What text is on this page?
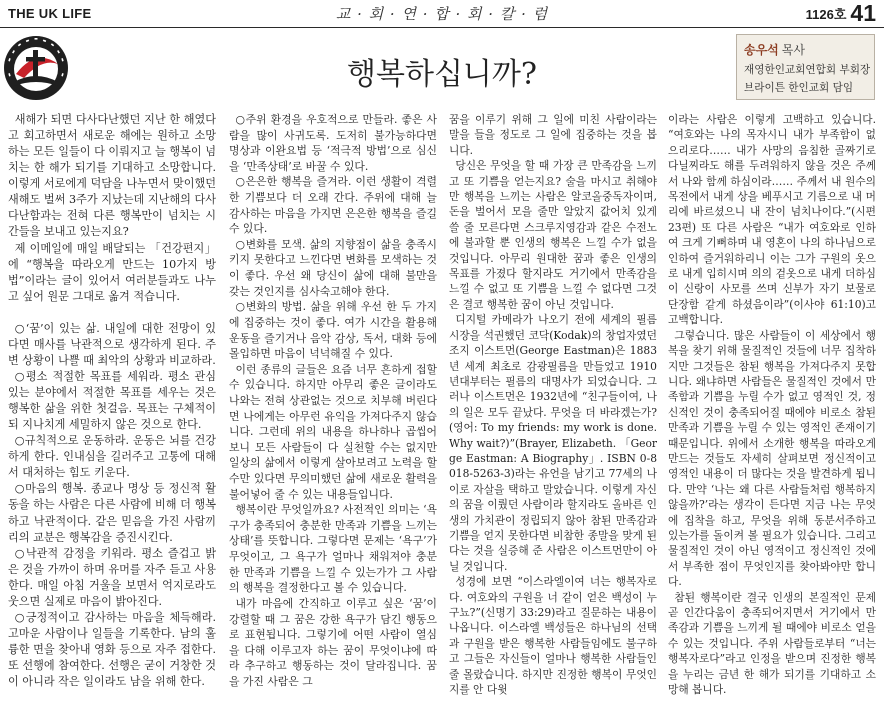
THE UK LIFE	교 · 회 · 연 · 합 · 회 · 칼 · 럼	1126호 41
행복하십니까?
송우석 목사
재영한인교회연합회 부회장
브라이튼 한인교회 담임

새해가 되면 다사다난했던 지난 한 해였다고 회고하면서 새로운 해에는 원하고 소망하는 모든 일들이 다 이뤄지고 늘 행복이 넘치는 한 해가 되기를 기대하고 소망합니다. 이렇게 서로에게 덕담을 나누면서 맞이했던 새해도 벌써 3주가 지났는데 지난해의 다사다난함과는 전혀 다른 행복만이 넘치는 시간들을 보내고 있는지요?

제 이메일에 매일 배달되는 「건강편지」에 “행복을 따라오게 만드는 10가지 방법”이라는 글이 있어서 여러분들과도 나누고 싶어 원문 그대로 옮겨 적습니다.

○‘꿈’이 있는 삶. 내일에 대한 전망이 있다면 매사를 낙관적으로 생각하게 된다. 주변 상황이 나쁠 때 최악의 상황과 비교하라.

○평소 적절한 목표를 세워라. 평소 관심 있는 분야에서 적절한 목표를 세우는 것은 행복한 삶을 위한 첫걸음. 목표는 구체적이되 지나치게 세밀하지 않은 것으로 한다.

○규칙적으로 운동하라. 운동은 뇌를 건강하게 한다. 인내심을 길러주고 고통에 대해서 대처하는 힘도 키운다.

○마음의 행복. 종교나 명상 등 정신적 활동을 하는 사람은 다른 사람에 비해 더 행복하고 낙관적이다. 같은 믿음을 가진 사람끼리의 교분은 행복감을 증진시킨다.

○낙관적 감정을 키워라. 평소 즐겁고 밝은 것을 가까이 하며 유머를 자주 듣고 사용한다. 매일 아침 거울을 보면서 억지로라도 웃으면 실제로 마음이 밝아진다.

○긍정적이고 감사하는 마음을 체득해라. 고마운 사람이나 일들을 기록한다. 남의 훌륭한 면을 찾아내 영화 등으로 자주 접한다. 또 선행에 참여한다. 선행은 굳이 거창한 것이 아니라 작은 일이라도 남을 위해 한다.

○주위 환경을 우호적으로 만들라. 좋은 사람을 많이 사귀도록. 도저히 불가능하다면 명상과 이완요법 등 ‘적극적 방법’으로 심신을 ‘만족상태’로 바꿀 수 있다.

○은은한 행복을 즐겨라. 이런 생활이 격렬한 기쁨보다 더 오래 간다. 주위에 대해 늘 감사하는 마음을 가지면 은은한 행복을 즐길 수 있다.

○변화를 모색. 삶의 지향점이 삶을 충족시키지 못한다고 느낀다면 변화를 모색하는 것이 좋다. 우선 왜 당신이 삶에 대해 불만을 갖는 것인지를 심사숙고해야 한다.

○변화의 방법. 삶을 위해 우선 한 두 가지에 집중하는 것이 좋다. 여가 시간을 활용해 운동을 즐기거나 음악 감상, 독서, 대화 등에 몰입하면 마음이 넉넉해질 수 있다.

이런 종류의 글들은 요즘 너무 흔하게 접할 수 있습니다. 하지만 아무리 좋은 글이라도 나와는 전혀 상관없는 것으로 치부해 버린다면 나에게는 아무런 유익을 가져다주지 않습니다. 그런데 위의 내용을 하나하나 곱씹어보니 모든 사람들이 다 실천할 수는 없지만 일상의 삶에서 이렇게 살아보려고 노력을 할 수만 있다면 무의미했던 삶에 새로운 활력을 불어넣어 줄 수 있는 내용들입니다.

행복이란 무엇일까요? 사전적인 의미는 ‘욕구가 충족되어 충분한 만족과 기쁨을 느끼는 상태’를 뜻합니다. 그렇다면 문제는 ‘욕구’가 무엇이고, 그 욕구가 얼마나 채워져야 충분한 만족과 기쁨을 느낄 수 있는가가 그 사람의 행복을 결정한다고 볼 수 있습니다.

내가 마음에 간직하고 이루고 싶은 ‘꿈’이 강렬할 때 그 꿈은 강한 욕구가 담긴 행동으로 표현됩니다. 그렇기에 어떤 사람이 열심을 다해 이루고자 하는 꿈이 무엇이냐에 따라 추구하고 행동하는 것이 달라집니다. 꿈을 가진 사람은 그

꿈을 이루기 위해 그 일에 미친 사람이라는 말을 들을 정도로 그 일에 집중하는 것을 봅니다.

당신은 무엇을 할 때 가장 큰 만족감을 느끼고 또 기쁨을 얻는지요? 술을 마시고 취해야만 행복을 느끼는 사람은 알코올중독자이며, 돈을 벌어서 모을 줄만 알았지 값어치 있게 쓸 줄 모른다면 스크루지영감과 같은 수전노에 불과할 뿐 인생의 행복은 느낄 수가 없을 것입니다. 아무리 원대한 꿈과 좋은 인생의 목표를 가졌다 할지라도 거기에서 만족감을 느낄 수 없고 또 기쁨을 느낄 수 없다면 그것은 결코 행복한 꿈이 아닌 것입니다.

디지털 카메라가 나오기 전에 세계의 필름 시장을 석권했던 코닥(Kodak)의 창업자였던 조지 이스트먼(George Eastman)은 1883년 세계 최초로 감광필름을 만들었고 1910년대부터는 필름의 대명사가 되었습니다. 그러나 이스트먼은 1932년에 “친구들이여, 나의 일은 모두 끝났다. 무엇을 더 바라겠는가?(영어: To my friends: my work is done. Why wait?)”(Brayer, Elizabeth. 「George Eastman: A Biography」. ISBN 0-8018-5263-3)라는 유언을 남기고 77세의 나이로 자살을 택하고 말았습니다. 이렇게 자신의 꿈을 이뤘던 사람이라 할지라도 올바른 인생의 가치관이 정립되지 않아 참된 만족감과 기쁨을 얻지 못한다면 비참한 종말을 맞게 된다는 것을 실증해 준 사람은 이스트먼만이 아닐 것입니다.

성경에 보면 “이스라엘이여 너는 행복자로다. 여호와의 구원을 너 같이 얻은 백성이 누구뇨?”(신명기 33:29)라고 질문하는 내용이 나옵니다. 이스라엘 백성들은 하나님의 선택과 구원을 받은 행복한 사람들임에도 불구하고 그들은 자신들이 얼마나 행복한 사람들인 줄 몰랐습니다. 하지만 진정한 행복이 무엇인지를 안 다윗

이라는 사람은 이렇게 고백하고 있습니다. “여호와는 나의 목자시니 내가 부족함이 없으리로다…… 내가 사망의 음침한 골짜기로 다닐찌라도 해를 두려워하지 않을 것은 주께서 나와 함께 하심이라…… 주께서 내 원수의 목전에서 내게 상을 베푸시고 기름으로 내 머리에 바르셨으니 내 잔이 넘치나이다.”(시편 23편) 또 다른 사람은 “내가 여호와로 인하여 크게 기뻐하며 내 영혼이 나의 하나님으로 인하여 즐거워하리니 이는 그가 구원의 옷으로 내게 입히시며 의의 겉옷으로 내게 더하심이 신랑이 사모를 쓰며 신부가 자기 보물로 단장함 같게 하셨음이라”(이사야 61:10)고 고백합니다.

그렇습니다. 많은 사람들이 이 세상에서 행복을 찾기 위해 물질적인 것들에 너무 집착하지만 그것들은 참된 행복을 가져다주지 못합니다. 왜냐하면 사람들은 물질적인 것에서 만족함과 기쁨을 누릴 수가 없고 영적인 것, 정신적인 것이 충족되어질 때에야 비로소 참된 만족과 기쁨을 누릴 수 있는 영적인 존재이기 때문입니다. 위에서 소개한 행복을 따라오게 만드는 것들도 자세히 살펴보면 정신적이고 영적인 내용이 더 많다는 것을 발견하게 됩니다. 만약 ‘나는 왜 다른 사람들처럼 행복하지 않을까?’라는 생각이 든다면 지금 나는 무엇에 집착을 하고, 무엇을 위해 동분서주하고 있는가를 돌이켜 볼 필요가 있습니다. 그리고 물질적인 것이 아닌 영적이고 정신적인 것에서 부족한 점이 무엇인지를 찾아봐야만 합니다.

참된 행복이란 결국 인생의 본질적인 문제 곧 인간다움이 충족되어지면서 거기에서 만족감과 기쁨을 느끼게 될 때에야 비로소 얻을 수 있는 것입니다. 주위 사람들로부터 “너는 행복자로다”라고 인정을 받으며 진정한 행복을 누리는 금년 한 해가 되기를 기대하고 소망해 봅니다.
